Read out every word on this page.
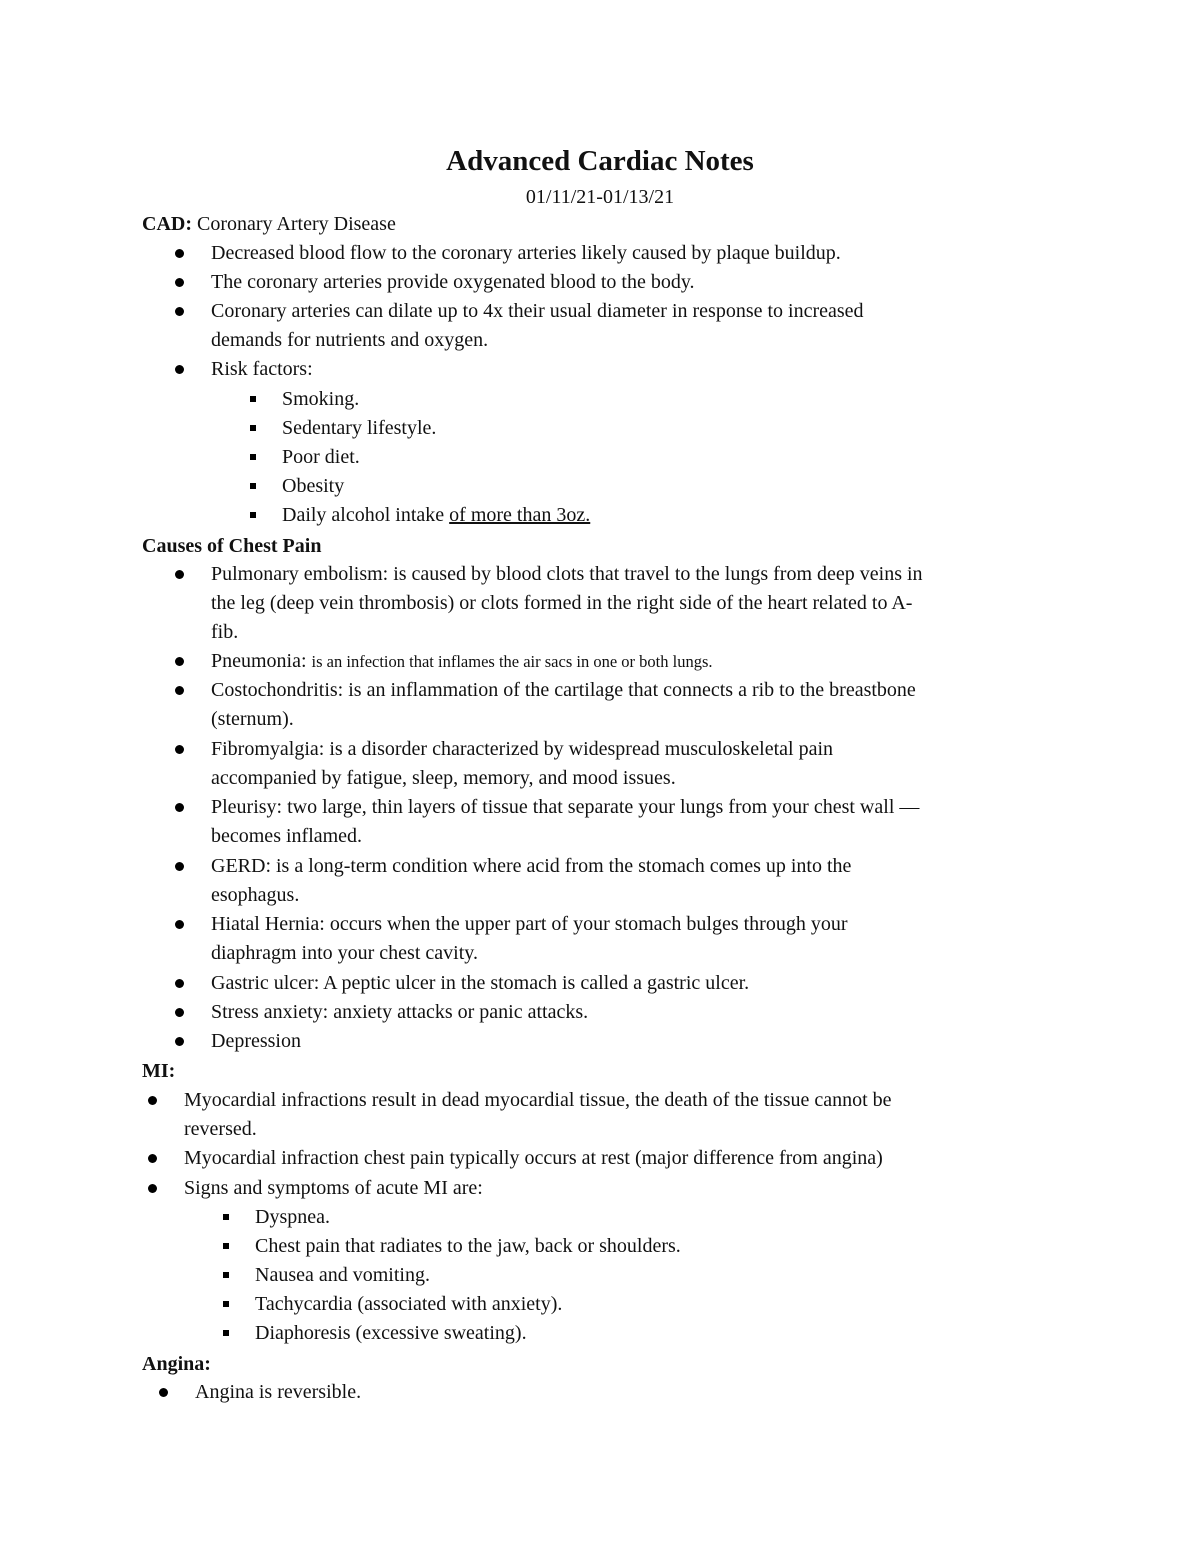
Advanced Cardiac Notes
01/11/21-01/13/21
CAD: Coronary Artery Disease
Decreased blood flow to the coronary arteries likely caused by plaque buildup.
The coronary arteries provide oxygenated blood to the body.
Coronary arteries can dilate up to 4x their usual diameter in response to increased
demands for nutrients and oxygen.
Risk factors:
Smoking.
Sedentary lifestyle.
Poor diet.
Obesity
Daily alcohol intake of more than 3oz.
Causes of Chest Pain
Pulmonary embolism: is caused by blood clots that travel to the lungs from deep veins in
the leg (deep vein thrombosis) or clots formed in the right side of the heart related to A-
fib.
Pneumonia: is an infection that inflames the air sacs in one or both lungs.
Costochondritis: is an inflammation of the cartilage that connects a rib to the breastbone
(sternum).
Fibromyalgia: is a disorder characterized by widespread musculoskeletal pain
accompanied by fatigue, sleep, memory, and mood issues.
Pleurisy: two large, thin layers of tissue that separate your lungs from your chest wall —
becomes inflamed.
GERD: is a long-term condition where acid from the stomach comes up into the
esophagus.
Hiatal Hernia: occurs when the upper part of your stomach bulges through your
diaphragm into your chest cavity.
Gastric ulcer: A peptic ulcer in the stomach is called a gastric ulcer.
Stress anxiety: anxiety attacks or panic attacks.
Depression
MI:
Myocardial infractions result in dead myocardial tissue, the death of the tissue cannot be
reversed.
Myocardial infraction chest pain typically occurs at rest (major difference from angina)
Signs and symptoms of acute MI are:
Dyspnea.
Chest pain that radiates to the jaw, back or shoulders.
Nausea and vomiting.
Tachycardia (associated with anxiety).
Diaphoresis (excessive sweating).
Angina:
Angina is reversible.
